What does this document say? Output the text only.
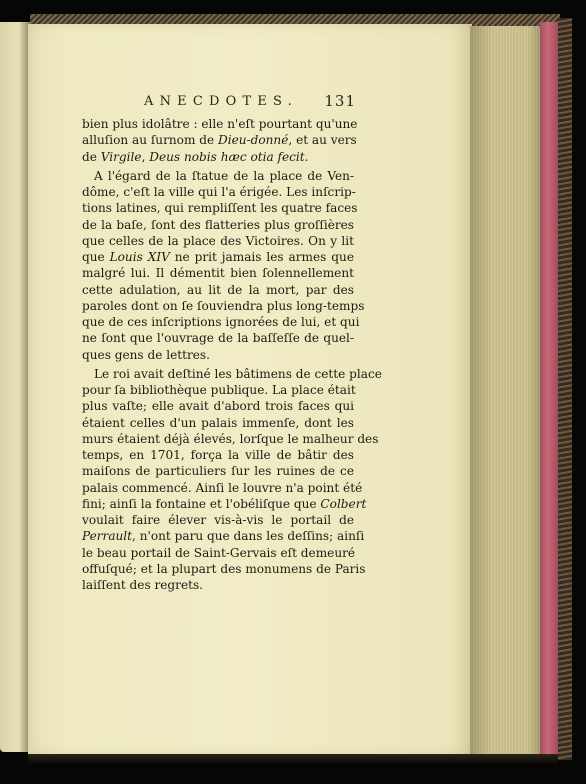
ANECDOTES. 131
bien plus idolâtre : elle n'eſt pourtant qu'une
alluſion au ſurnom de Dieu-donné, et au vers
de Virgile, Deus nobis hæc otia fecit.
A l'égard de la ſtatue de la place de Ven-
dôme, c'eſt la ville qui l'a érigée. Les inſcrip-
tions latines, qui rempliſſent les quatre faces
de la baſe, ſont des flatteries plus groſſières
que celles de la place des Victoires. On y lit
que Louis XIV ne prit jamais les armes que
malgré lui. Il démentit bien ſolennellement
cette adulation, au lit de la mort, par des
paroles dont on ſe ſouviendra plus long-temps
que de ces inſcriptions ignorées de lui, et qui
ne ſont que l'ouvrage de la baſſeſſe de quel-
ques gens de lettres.
Le roi avait deſtiné les bâtimens de cette place
pour ſa bibliothèque publique. La place était
plus vaſte; elle avait d'abord trois faces qui
étaient celles d'un palais immenſe, dont les
murs étaient déjà élevés, lorſque le malheur des
temps, en 1701, força la ville de bâtir des
maiſons de particuliers ſur les ruines de ce
palais commencé. Ainſi le louvre n'a point été
fini; ainſi la fontaine et l'obéliſque que Colbert
voulait faire élever vis-à-vis le portail de
Perrault, n'ont paru que dans les deſſins; ainſi
le beau portail de Saint-Gervais eſt demeuré
offuſqué; et la plupart des monumens de Paris
laiſſent des regrets.
